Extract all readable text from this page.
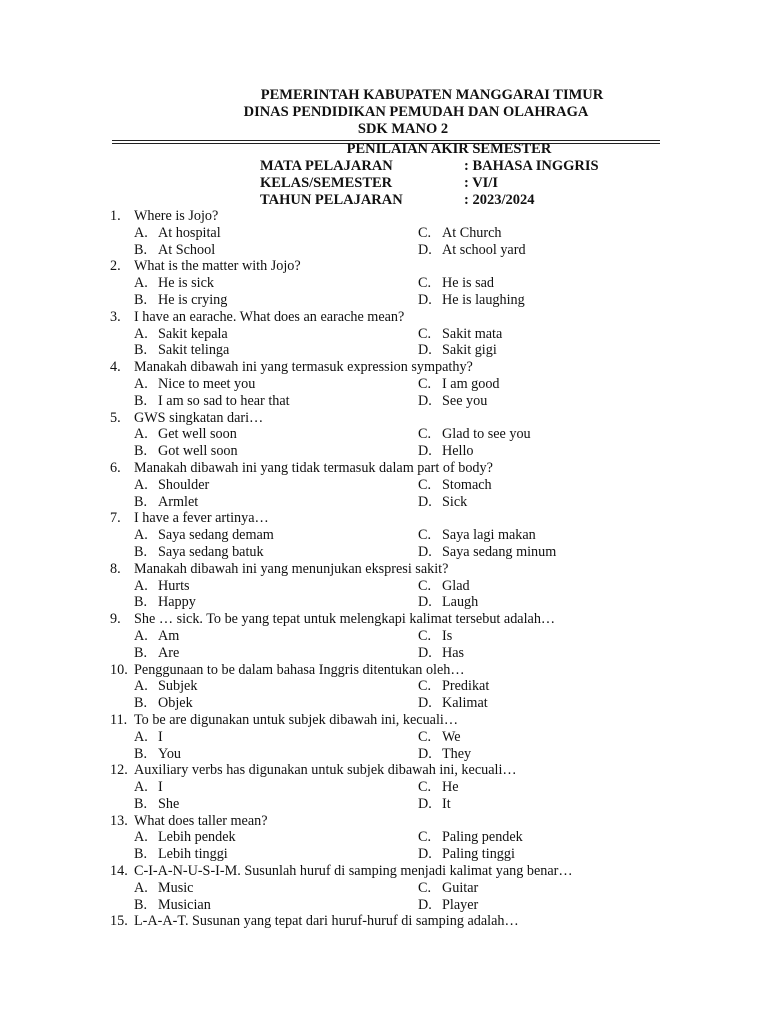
PEMERINTAH KABUPATEN MANGGARAI TIMUR
DINAS PENDIDIKAN PEMUDAH DAN OLAHRAGA
SDK MANO 2
PENILAIAN AKIR SEMESTER
MATA PELAJARAN	: BAHASA INGGRIS
KELAS/SEMESTER	: VI/I
TAHUN PELAJARAN	: 2023/2024
1. Where is Jojo?
A. At hospital	C. At Church
B. At School	D. At school yard
2. What is the matter with Jojo?
A. He is sick	C. He is sad
B. He is crying	D. He is laughing
3. I have an earache. What does an earache mean?
A. Sakit kepala	C. Sakit mata
B. Sakit telinga	D. Sakit gigi
4. Manakah dibawah ini yang termasuk expression sympathy?
A. Nice to meet you	C. I am good
B. I am so sad to hear that	D. See you
5. GWS singkatan dari…
A. Get well soon	C. Glad to see you
B. Got well soon	D. Hello
6. Manakah dibawah ini yang tidak termasuk dalam part of body?
A. Shoulder	C. Stomach
B. Armlet	D. Sick
7. I have a fever artinya…
A. Saya sedang demam	C. Saya lagi makan
B. Saya sedang batuk	D. Saya sedang minum
8. Manakah dibawah ini yang menunjukan ekspresi sakit?
A. Hurts	C. Glad
B. Happy	D. Laugh
9. She … sick. To be yang tepat untuk melengkapi kalimat tersebut adalah…
A. Am	C. Is
B. Are	D. Has
10. Penggunaan to be dalam bahasa Inggris ditentukan oleh…
A. Subjek	C. Predikat
B. Objek	D. Kalimat
11. To be are digunakan untuk subjek dibawah ini, kecuali…
A. I	C. We
B. You	D. They
12. Auxiliary verbs has digunakan untuk subjek dibawah ini, kecuali…
A. I	C. He
B. She	D. It
13. What does taller mean?
A. Lebih pendek	C. Paling pendek
B. Lebih tinggi	D. Paling tinggi
14. C-I-A-N-U-S-I-M. Susunlah huruf di samping menjadi kalimat yang benar…
A. Music	C. Guitar
B. Musician	D. Player
15. L-A-A-T. Susunan yang tepat dari huruf-huruf di samping adalah…
